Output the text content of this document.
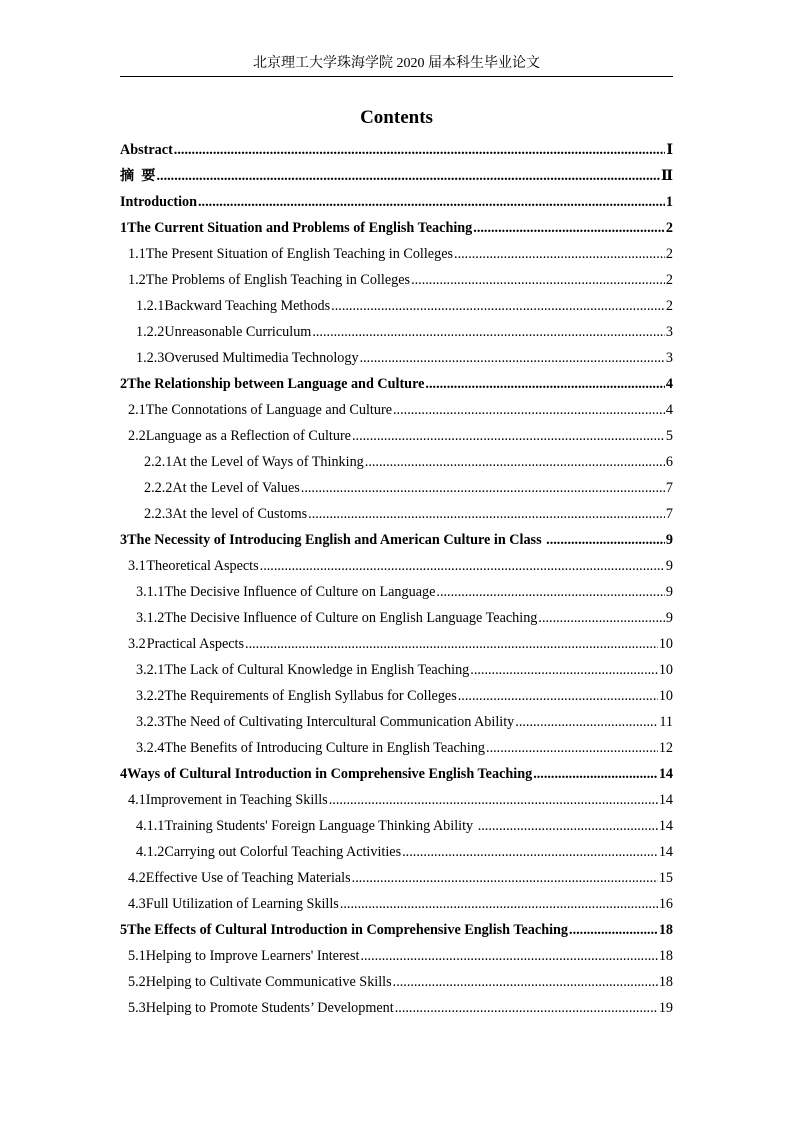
北京理工大学珠海学院 2020 届本科生毕业论文
Contents
Abstract .....	Ⅰ
摘  要 .....	Ⅱ
Introduction .....	1
1 The Current Situation and Problems of English Teaching .....	2
1.1 The Present Situation of English Teaching in Colleges .....	2
1.2 The Problems of English Teaching in Colleges .....	2
1.2.1 Backward Teaching Methods .....	2
1.2.2 Unreasonable Curriculum .....	3
1.2.3 Overused Multimedia Technology .....	3
2 The Relationship between Language and Culture .....	4
2.1 The Connotations of Language and Culture .....	4
2.2 Language as a Reflection of Culture .....	5
2.2.1 At the Level of Ways of Thinking .....	6
2.2.2 At the Level of Values .....	7
2.2.3 At the level of Customs .....	7
3 The Necessity of Introducing English and American Culture in Class .....	9
3.1 Theoretical Aspects .....	9
3.1.1 The Decisive Influence of Culture on Language .....	9
3.1.2 The Decisive Influence of Culture on English Language Teaching .....	9
3.2 Practical Aspects .....	10
3.2.1 The Lack of Cultural Knowledge in English Teaching .....	10
3.2.2 The Requirements of English Syllabus for Colleges .....	10
3.2.3 The Need of Cultivating Intercultural Communication Ability .....	11
3.2.4 The Benefits of Introducing Culture in English Teaching .....	12
4 Ways of Cultural Introduction in Comprehensive English Teaching .....	14
4.1 Improvement in Teaching Skills .....	14
4.1.1 Training Students' Foreign Language Thinking Ability .....	14
4.1.2 Carrying out Colorful Teaching Activities .....	14
4.2 Effective Use of Teaching Materials .....	15
4.3 Full Utilization of Learning Skills .....	16
5 The Effects of Cultural Introduction in Comprehensive English Teaching .....	18
5.1 Helping to Improve Learners' Interest .....	18
5.2 Helping to Cultivate Communicative Skills .....	18
5.3 Helping to Promote Students’ Development .....	19
